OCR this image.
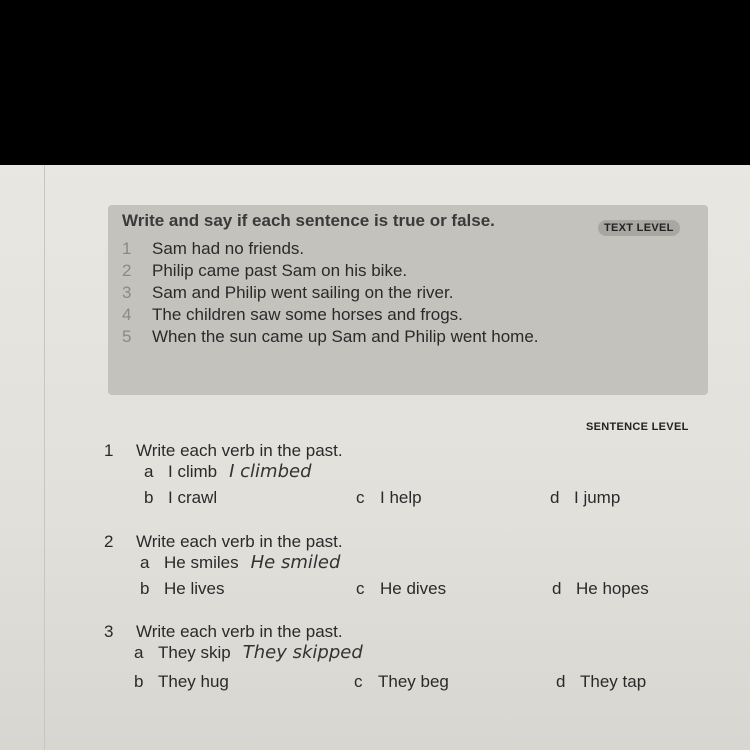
Write and say if each sentence is true or false.
1 Sam had no friends.
2 Philip came past Sam on his bike.
3 Sam and Philip went sailing on the river.
4 The children saw some horses and frogs.
5 When the sun came up Sam and Philip went home.
TEXT LEVEL
SENTENCE LEVEL
1 Write each verb in the past.
a I climb I climbed
b I crawl	c I help	d I jump
2 Write each verb in the past.
a He smiles He smiled
b He lives	c He dives	d He hopes
3 Write each verb in the past.
a They skip They skipped
b They hug	c They beg	d They tap
